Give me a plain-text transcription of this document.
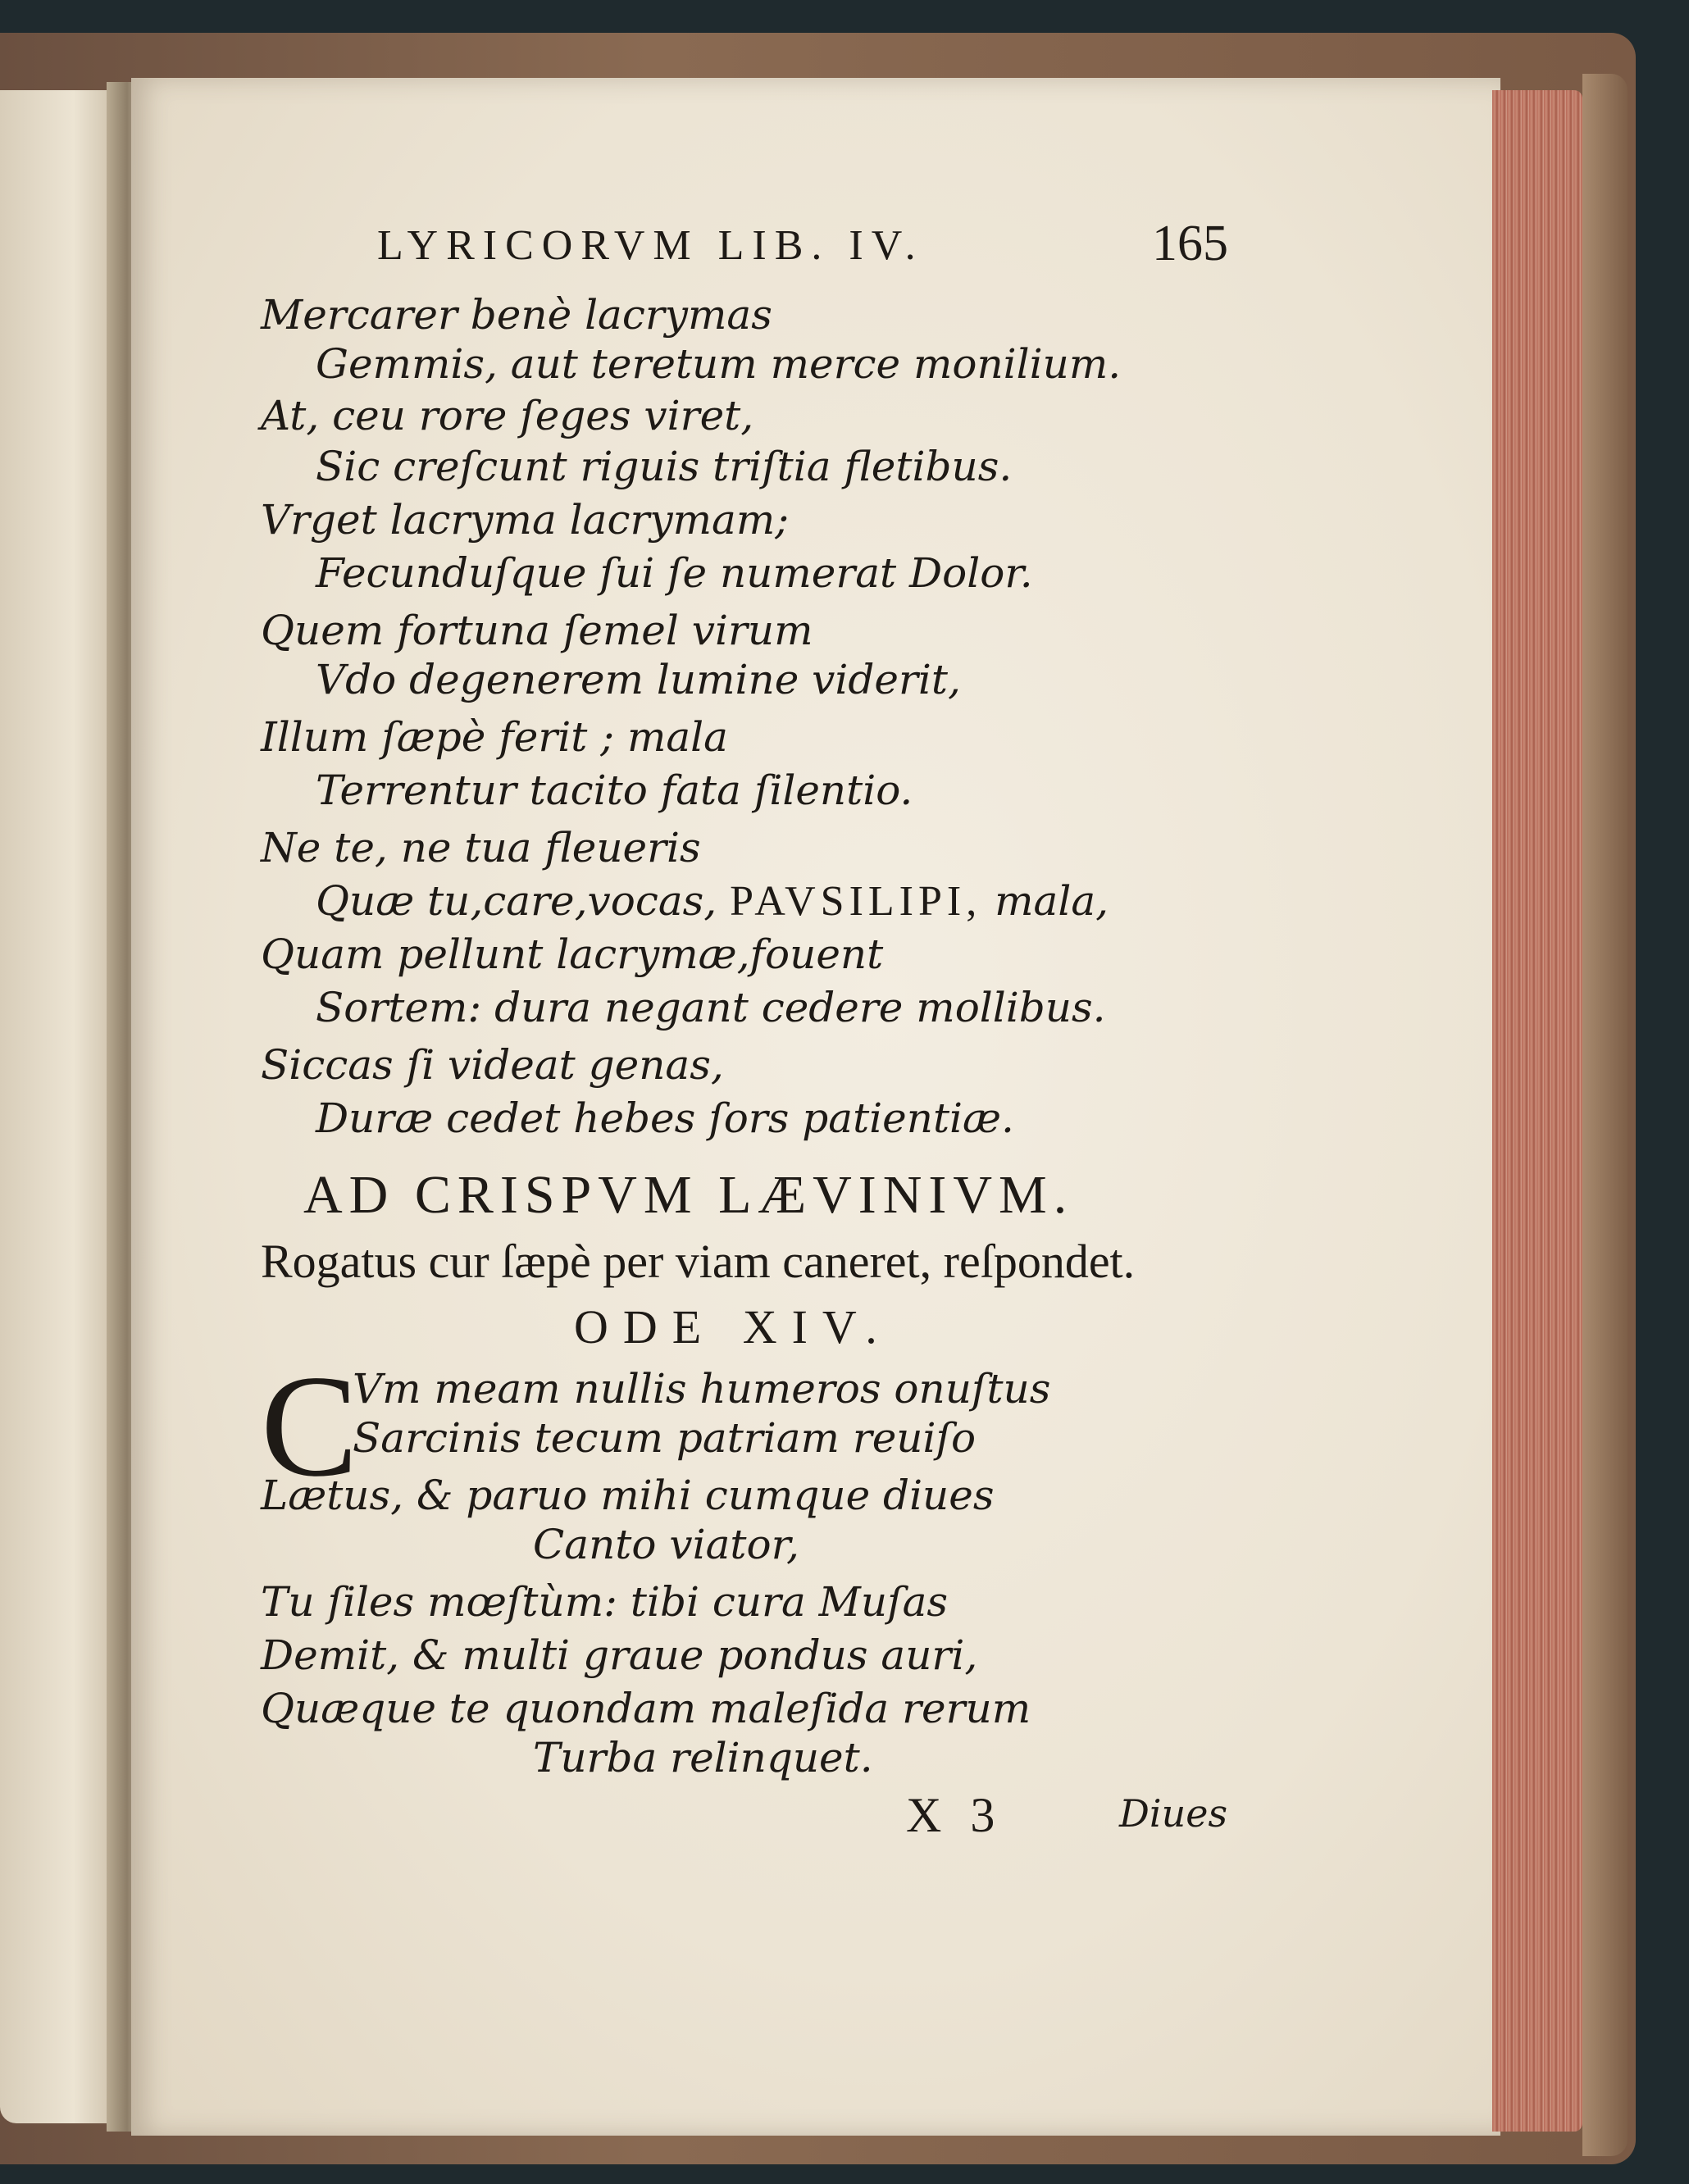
LYRICORVM LIB. IV.	165
Mercarer benè lacrymas
Gemmis, aut teretum merce monilium.
At, ceu rore ſeges viret,
Sic creſcunt riguis triſtia fletibus.
Vrget lacryma lacrymam;
Fecunduſque ſui ſe numerat Dolor.
Quem fortuna ſemel virum
Vdo degenerem lumine viderit,
Illum ſæpè ferit ; mala
Terrentur tacito fata ſilentio.
Ne te, ne tua fleueris
Quæ tu,care,vocas, PAVSILIPI, mala,
Quam pellunt lacrymæ,fouent
Sortem: dura negant cedere mollibus.
Siccas ſi videat genas,
Duræ cedet hebes ſors patientiæ.
AD CRISPVM LÆVINIVM.
Rogatus cur ſæpè per viam caneret, reſpondet.
ODE XIV.
C
Vm meam nullis humeros onuſtus
Sarcinis tecum patriam reuiſo
Lætus, & paruo mihi cumque diues
Canto viator,
Tu ſiles mœſtùm: tibi cura Muſas
Demit, & multi graue pondus auri,
Quæque te quondam maleſida rerum
Turba relinquet.
X 3	Diues
